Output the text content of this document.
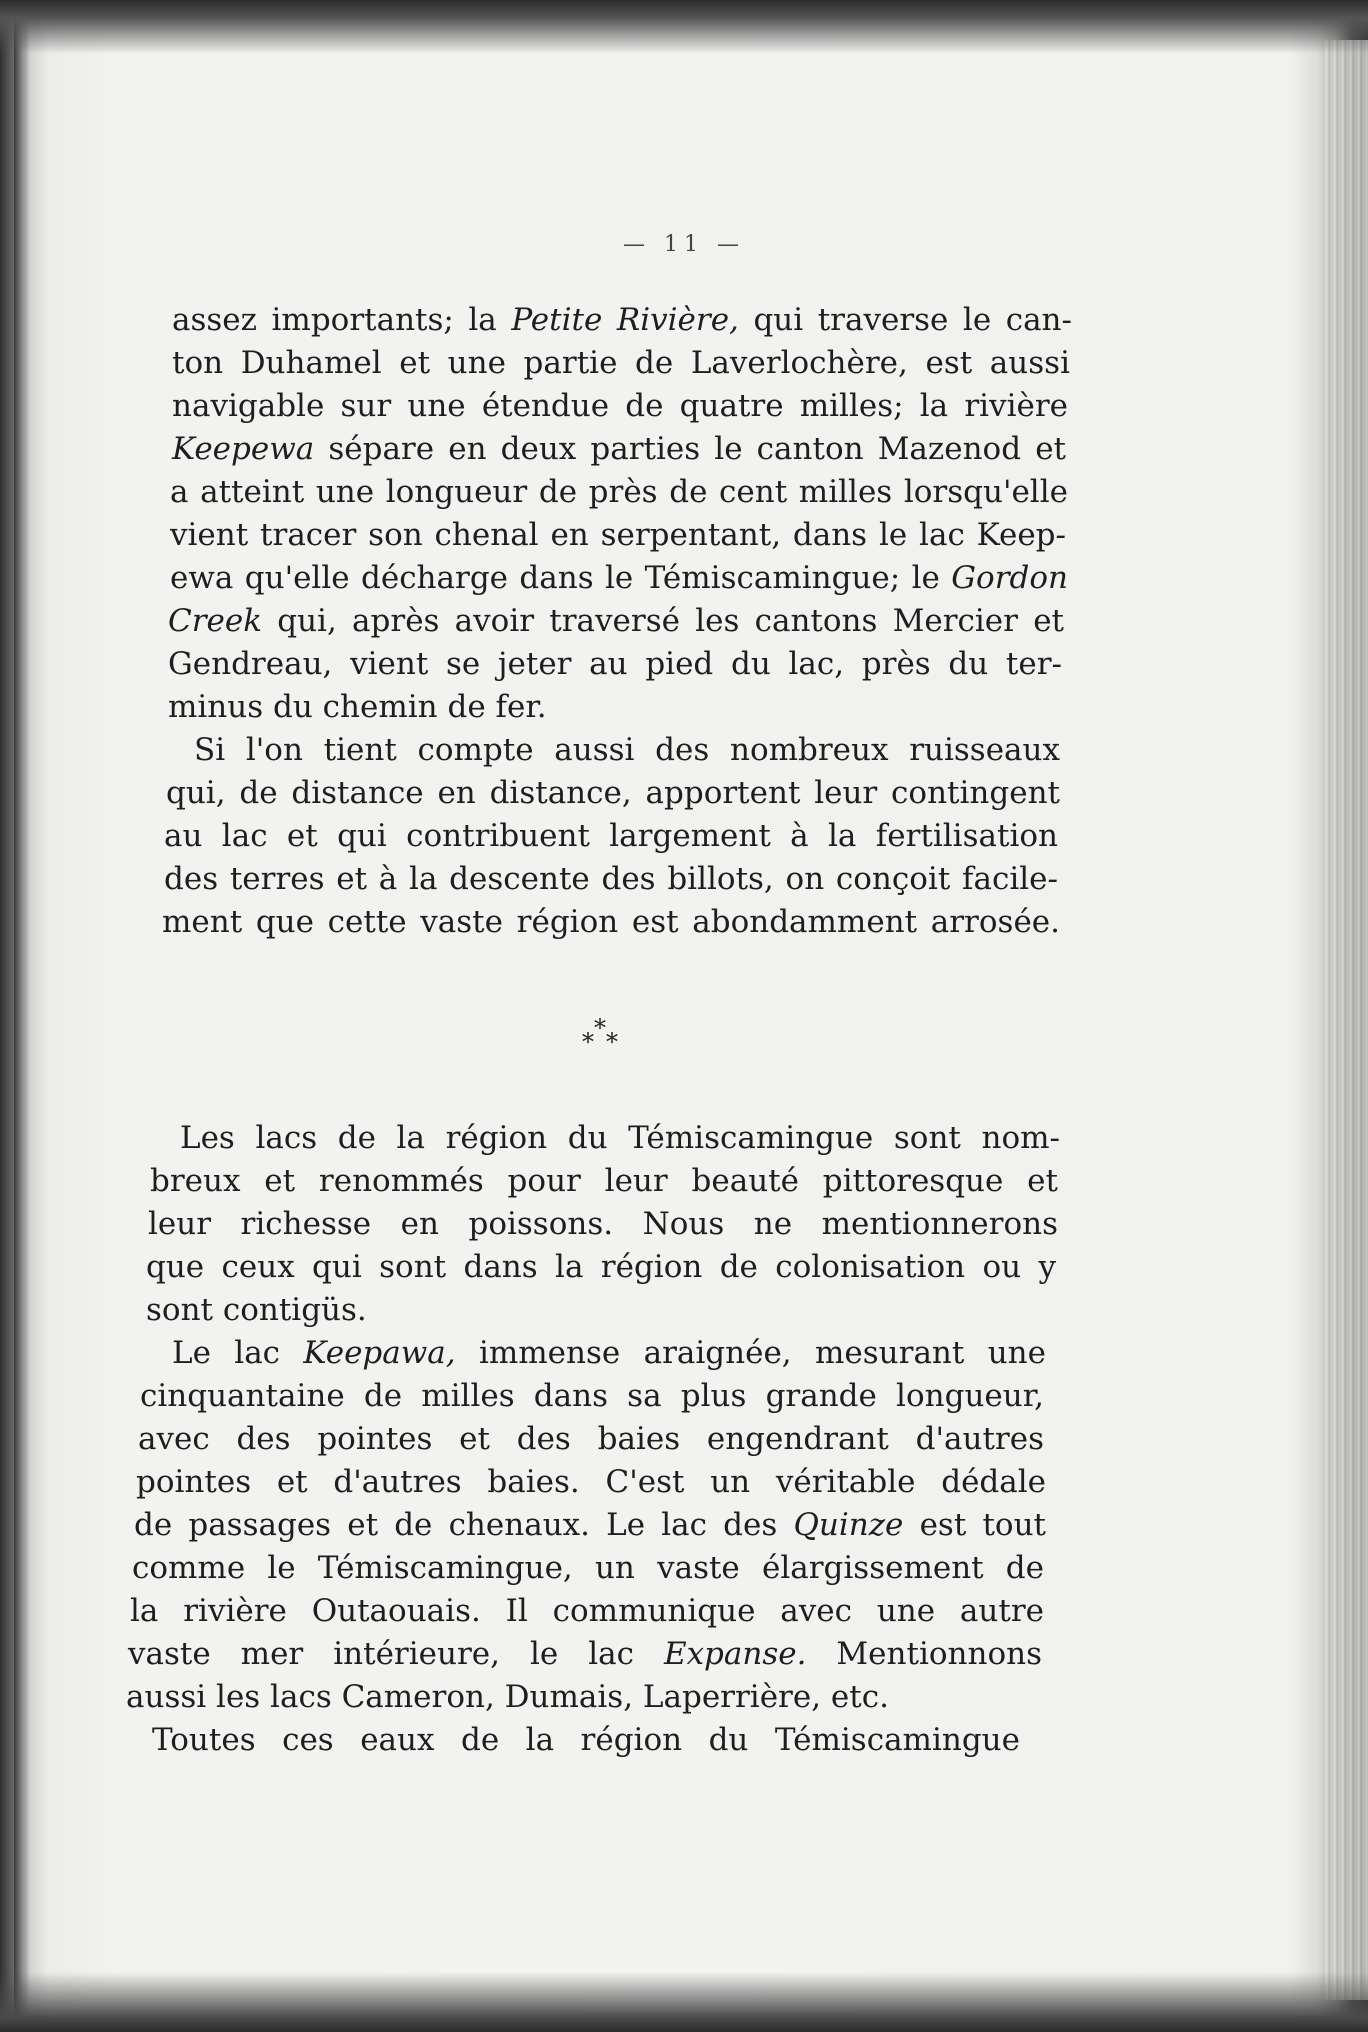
— 11 —

assez importants; la Petite Rivière, qui traverse le can-

ton Duhamel et une partie de Laverlochère, est aussi

navigable sur une étendue de quatre milles; la rivière

Keepewa sépare en deux parties le canton Mazenod et

a atteint une longueur de près de cent milles lorsqu'elle

vient tracer son chenal en serpentant, dans le lac Keep-

ewa qu'elle décharge dans le Témiscamingue; le Gordon

Creek qui, après avoir traversé les cantons Mercier et

Gendreau, vient se jeter au pied du lac, près du ter-

minus du chemin de fer.

Si l'on tient compte aussi des nombreux ruisseaux

qui, de distance en distance, apportent leur contingent

au lac et qui contribuent largement à la fertilisation

des terres et à la descente des billots, on conçoit facile-

ment que cette vaste région est abondamment arrosée.

Les lacs de la région du Témiscamingue sont nom-

breux et renommés pour leur beauté pittoresque et

leur richesse en poissons. Nous ne mentionnerons

que ceux qui sont dans la région de colonisation ou y

sont contigüs.

Le lac Keepawa, immense araignée, mesurant une

cinquantaine de milles dans sa plus grande longueur,

avec des pointes et des baies engendrant d'autres

pointes et d'autres baies. C'est un véritable dédale

de passages et de chenaux. Le lac des Quinze est tout

comme le Témiscamingue, un vaste élargissement de

la rivière Outaouais. Il communique avec une autre

vaste mer intérieure, le lac Expanse. Mentionnons

aussi les lacs Cameron, Dumais, Laperrière, etc.

Toutes ces eaux de la région du Témiscamingue

*
* *
